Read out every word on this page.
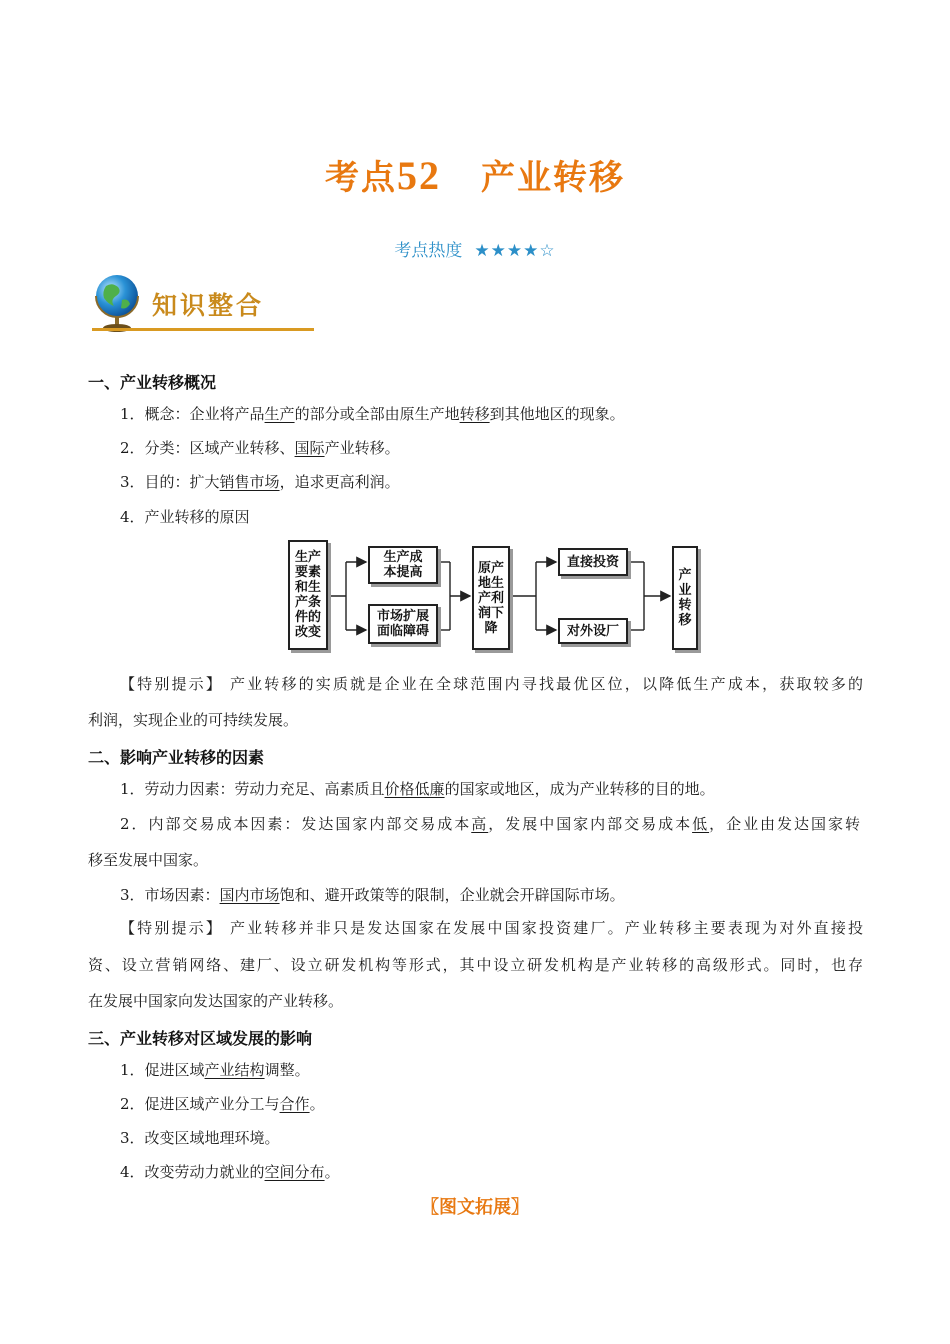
考点52 产业转移
考点热度 ★★★★☆
知识整合
一、产业转移概况
1．概念：企业将产品生产的部分或全部由原生产地转移到其他地区的现象。
2．分类：区域产业转移、国际产业转移。
3．目的：扩大销售市场，追求更高利润。
4．产业转移的原因
生产
要素
和生
产条
件的
改变
生产成
本提高
市场扩展
面临障碍
原产
地生
产利
润下
降
直接投资
对外设厂
产
业
转
移
【特别提示】 产业转移的实质就是企业在全球范围内寻找最优区位，以降低生产成本，获取较多的
利润，实现企业的可持续发展。
二、影响产业转移的因素
1．劳动力因素：劳动力充足、高素质且价格低廉的国家或地区，成为产业转移的目的地。
2．内部交易成本因素：发达国家内部交易成本高，发展中国家内部交易成本低，企业由发达国家转
移至发展中国家。
3．市场因素：国内市场饱和、避开政策等的限制，企业就会开辟国际市场。
【特别提示】 产业转移并非只是发达国家在发展中国家投资建厂。产业转移主要表现为对外直接投
资、设立营销网络、建厂、设立研发机构等形式，其中设立研发机构是产业转移的高级形式。同时，也存
在发展中国家向发达国家的产业转移。
三、产业转移对区域发展的影响
1．促进区域产业结构调整。
2．促进区域产业分工与合作。
3．改变区域地理环境。
4．改变劳动力就业的空间分布。
〖图文拓展〗
